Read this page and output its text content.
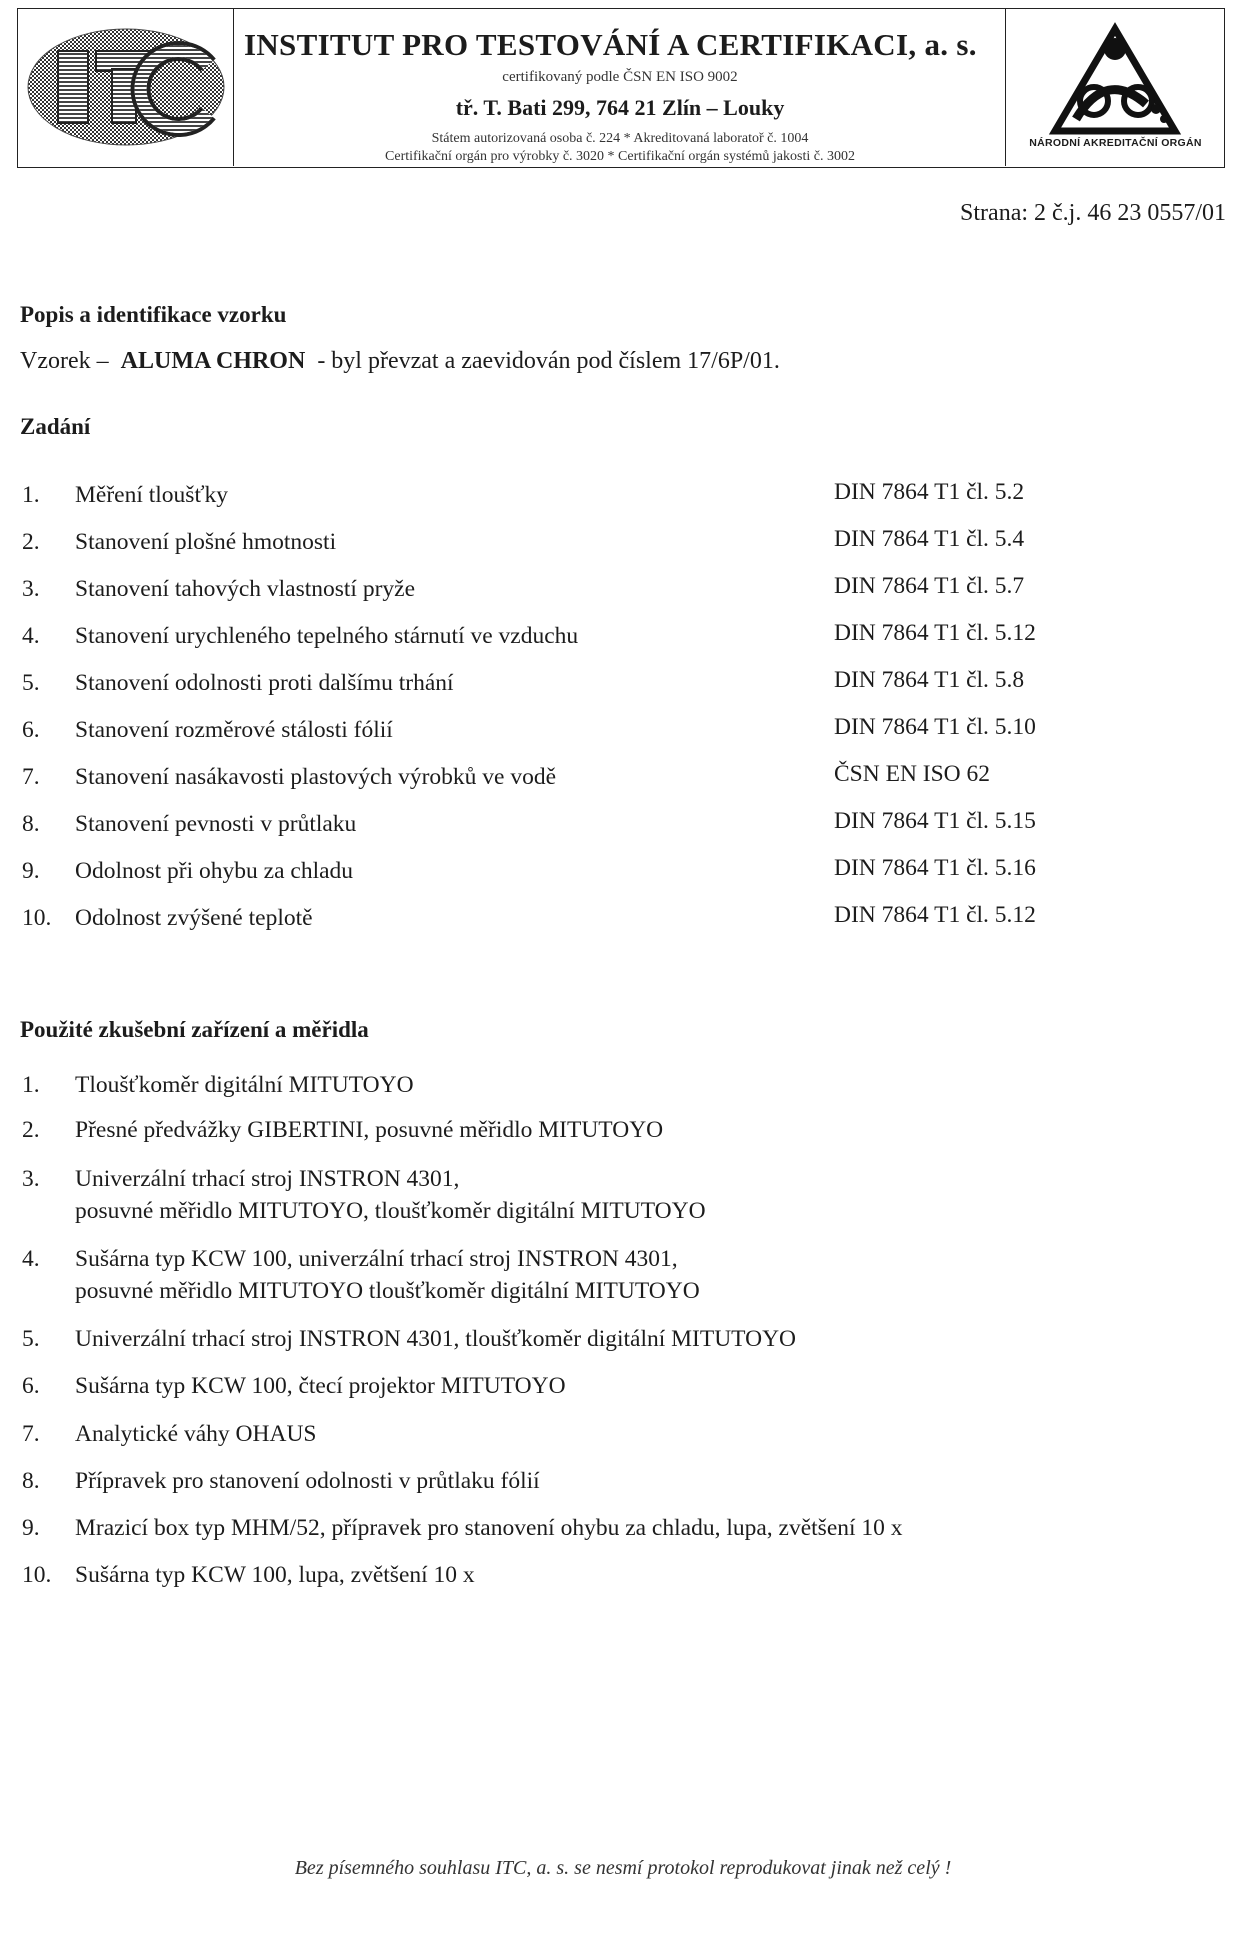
ITC
INSTITUT PRO TESTOVÁNÍ A CERTIFIKACI, a. s.
certifikovaný podle ČSN EN ISO 9002
tř. T. Bati 299, 764 21 Zlín – Louky
Státem autorizovaná osoba č. 224 * Akreditovaná laboratoř č. 1004
Certifikační orgán pro výrobky č. 3020 * Certifikační orgán systémů jakosti č. 3002
NÁRODNÍ AKREDITAČNÍ ORGÁN
Strana: 2 č.j. 46 23 0557/01
Popis a identifikace vzorku
Vzorek – ALUMA CHRON - byl převzat a zaevidován pod číslem 17/6P/01.
Zadání
1.	Měření tloušťky	DIN 7864 T1 čl. 5.2
2.	Stanovení plošné hmotnosti	DIN 7864 T1 čl. 5.4
3.	Stanovení tahových vlastností pryže	DIN 7864 T1 čl. 5.7
4.	Stanovení urychleného tepelného stárnutí ve vzduchu	DIN 7864 T1 čl. 5.12
5.	Stanovení odolnosti proti dalšímu trhání	DIN 7864 T1 čl. 5.8
6.	Stanovení rozměrové stálosti fólií	DIN 7864 T1 čl. 5.10
7.	Stanovení nasákavosti plastových výrobků ve vodě	ČSN EN ISO 62
8.	Stanovení pevnosti v průtlaku	DIN 7864 T1 čl. 5.15
9.	Odolnost při ohybu za chladu	DIN 7864 T1 čl. 5.16
10.	Odolnost zvýšené teplotě	DIN 7864 T1 čl. 5.12
Použité zkušební zařízení a měřidla
1.	Tloušťkoměr digitální MITUTOYO
2.	Přesné předvážky GIBERTINI, posuvné měřidlo MITUTOYO
3.	Univerzální trhací stroj INSTRON 4301,
posuvné měřidlo MITUTOYO, tloušťkoměr digitální MITUTOYO
4.	Sušárna typ KCW 100, univerzální trhací stroj INSTRON 4301,
posuvné měřidlo MITUTOYO tloušťkoměr digitální MITUTOYO
5.	Univerzální trhací stroj INSTRON 4301, tloušťkoměr digitální MITUTOYO
6.	Sušárna typ KCW 100, čtecí projektor MITUTOYO
7.	Analytické váhy OHAUS
8.	Přípravek pro stanovení odolnosti v průtlaku fólií
9.	Mrazicí box typ MHM/52, přípravek pro stanovení ohybu za chladu, lupa, zvětšení 10 x
10.	Sušárna typ KCW 100, lupa, zvětšení 10 x
Bez písemného souhlasu ITC, a. s. se nesmí protokol reprodukovat jinak než celý !
